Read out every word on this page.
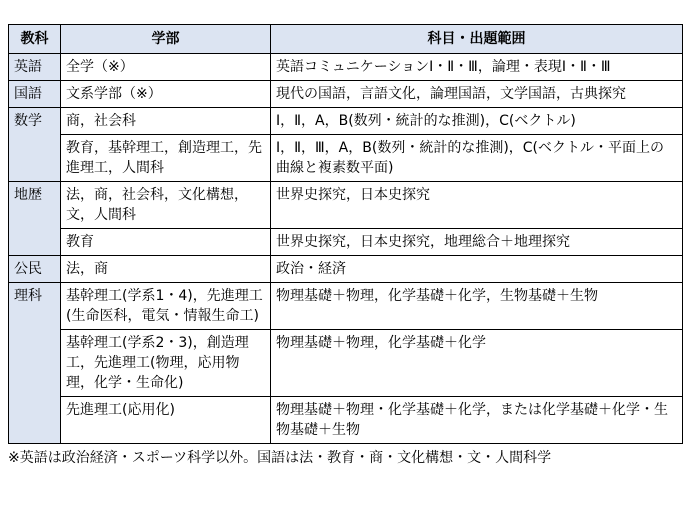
教科	学部	科目・出題範囲
英語	全学（※）	英語コミュニケーションⅠ・Ⅱ・Ⅲ，論理・表現Ⅰ・Ⅱ・Ⅲ
国語	文系学部（※）	現代の国語，言語文化，論理国語，文学国語，古典探究
数学	商，社会科	Ⅰ，Ⅱ，A，B(数列・統計的な推測)，C(ベクトル)
	教育，基幹理工，創造理工，先進理工，人間科	Ⅰ，Ⅱ，Ⅲ，A，B(数列・統計的な推測)，C(ベクトル・平面上の曲線と複素数平面)
地歴	法，商，社会科，文化構想，文，人間科	世界史探究，日本史探究
	教育	世界史探究，日本史探究，地理総合＋地理探究
公民	法，商	政治・経済
理科	基幹理工(学系1・4)，先進理工(生命医科，電気・情報生命工)	物理基礎＋物理，化学基礎＋化学，生物基礎＋生物
	基幹理工(学系2・3)，創造理工，先進理工(物理，応用物理，化学・生命化)	物理基礎＋物理，化学基礎＋化学
	先進理工(応用化)	物理基礎＋物理・化学基礎＋化学，または化学基礎＋化学・生物基礎＋生物
※英語は政治経済・スポーツ科学以外。国語は法・教育・商・文化構想・文・人間科学
